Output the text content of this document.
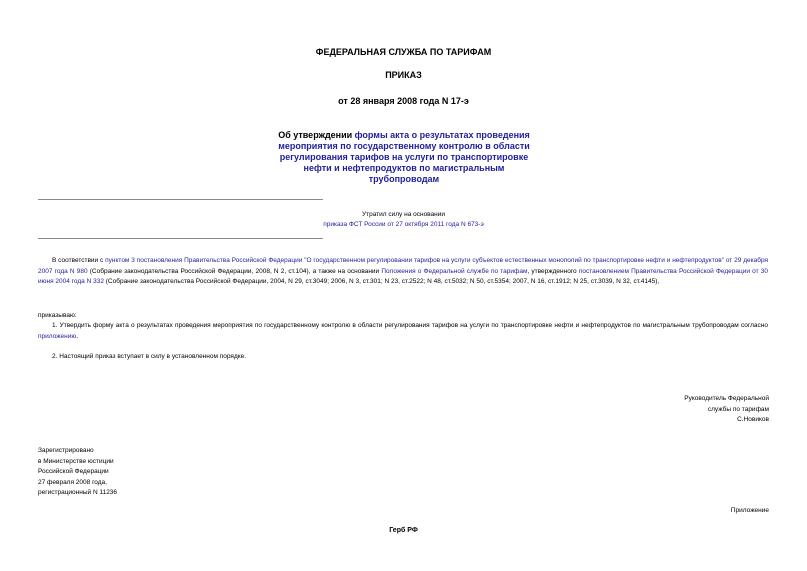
ФЕДЕРАЛЬНАЯ СЛУЖБА ПО ТАРИФАМ
ПРИКАЗ
от 28 января 2008 года N 17-э
Об утверждении формы акта о результатах проведения мероприятия по государственному контролю в области регулирования тарифов на услуги по транспортировке нефти и нефтепродуктов по магистральным трубопроводам
Утратил силу на основании
приказа ФСТ России от 27 октября 2011 года N 673-э
В соответствии с пунктом 3 постановления Правительства Российской Федерации "О государственном регулировании тарифов на услуги субъектов естественных монополий по транспортировке нефти и нефтепродуктов" от 29 декабря 2007 года N 980 (Собрание законодательства Российской Федерации, 2008, N 2, ст.104), а также на основании Положения о Федеральной службе по тарифам, утвержденного постановлением Правительства Российской Федерации от 30 июня 2004 года N 332 (Собрание законодательства Российской Федерации, 2004, N 29, ст.3049; 2006, N 3, ст.301; N 23, ст.2522; N 48, ст.5032; N 50, ст.5354; 2007, N 16, ст.1912; N 25, ст.3039, N 32, ст.4145),
приказываю:
1. Утвердить форму акта о результатах проведения мероприятия по государственному контролю в области регулирования тарифов на услуги по транспортировке нефти и нефтепродуктов по магистральным трубопроводам согласно приложению.
2. Настоящий приказ вступает в силу в установленном порядке.
Руководитель Федеральной
службы по тарифам
С.Новиков
Зарегистрировано
в Министерстве юстиции
Российской Федерации
27 февраля 2008 года,
регистрационный N 11236
Приложение
Герб РФ
